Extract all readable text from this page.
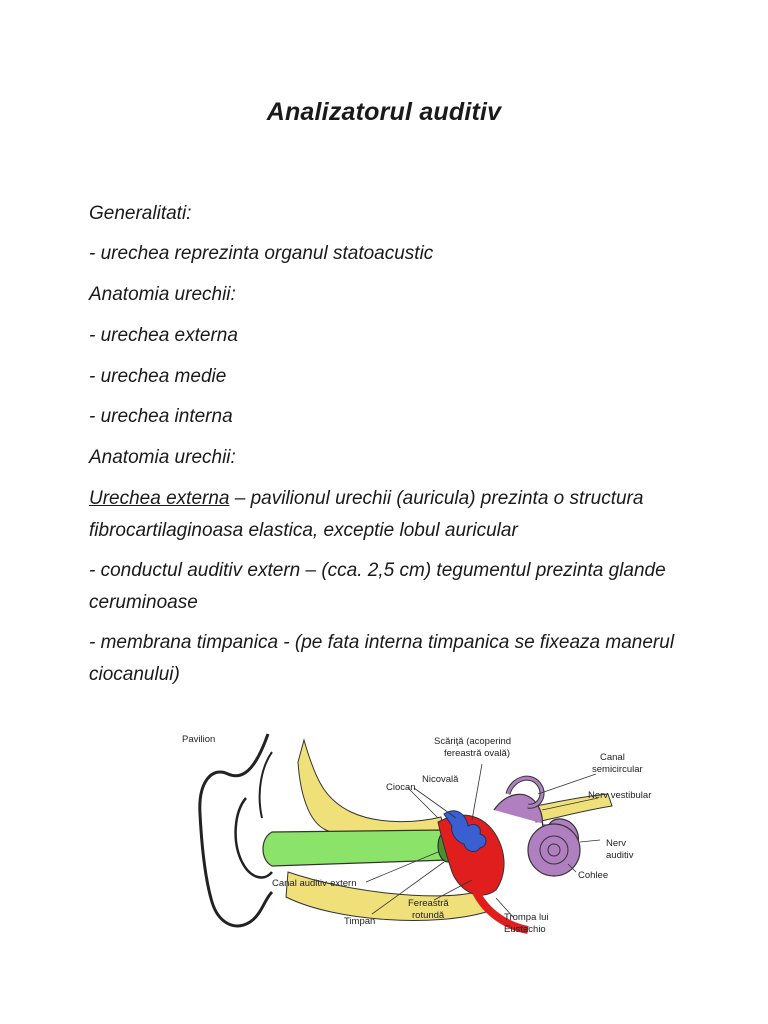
Analizatorul auditiv

Generalitati:

- urechea reprezinta organul statoacustic

Anatomia urechii:

- urechea externa

- urechea medie

- urechea interna

Anatomia urechii:

Urechea externa – pavilionul urechii (auricula) prezinta o structura fibrocartilaginoasa elastica, exceptie lobul auricular

- conductul auditiv extern – (cca. 2,5 cm) tegumentul prezinta glande ceruminoase

- membrana timpanica - (pe fata interna timpanica se fixeaza manerul ciocanului)

Pavilion
Ciocan
Nicovală
Scăriţă (acoperind
fereastră ovală)	Canal
semicircular
Nerv vestibular
Nerv
auditiv
Cohlee
Canal auditiv-extern
Timpan
Fereastră
rotundă	Trompa lui
Eustachio
